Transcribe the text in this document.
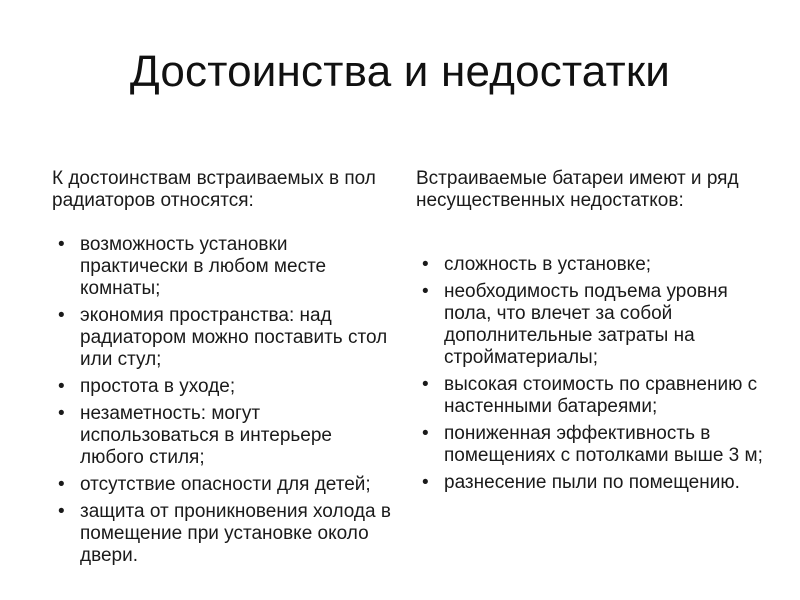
Достоинства и недостатки

К достоинствам встраиваемых в пол радиаторов относятся:

• возможность установки практически в любом месте комнаты;
• экономия пространства: над радиатором можно поставить стол или стул;
• простота в уходе;
• незаметность: могут использоваться в интерьере любого стиля;
• отсутствие опасности для детей;
• защита от проникновения холода в помещение при установке около двери.

Встраиваемые батареи имеют и ряд несущественных недостатков:

• сложность в установке;
• необходимость подъема уровня пола, что влечет за собой дополнительные затраты на стройматериалы;
• высокая стоимость по сравнению с настенными батареями;
• пониженная эффективность в помещениях с потолками выше 3 м;
• разнесение пыли по помещению.
